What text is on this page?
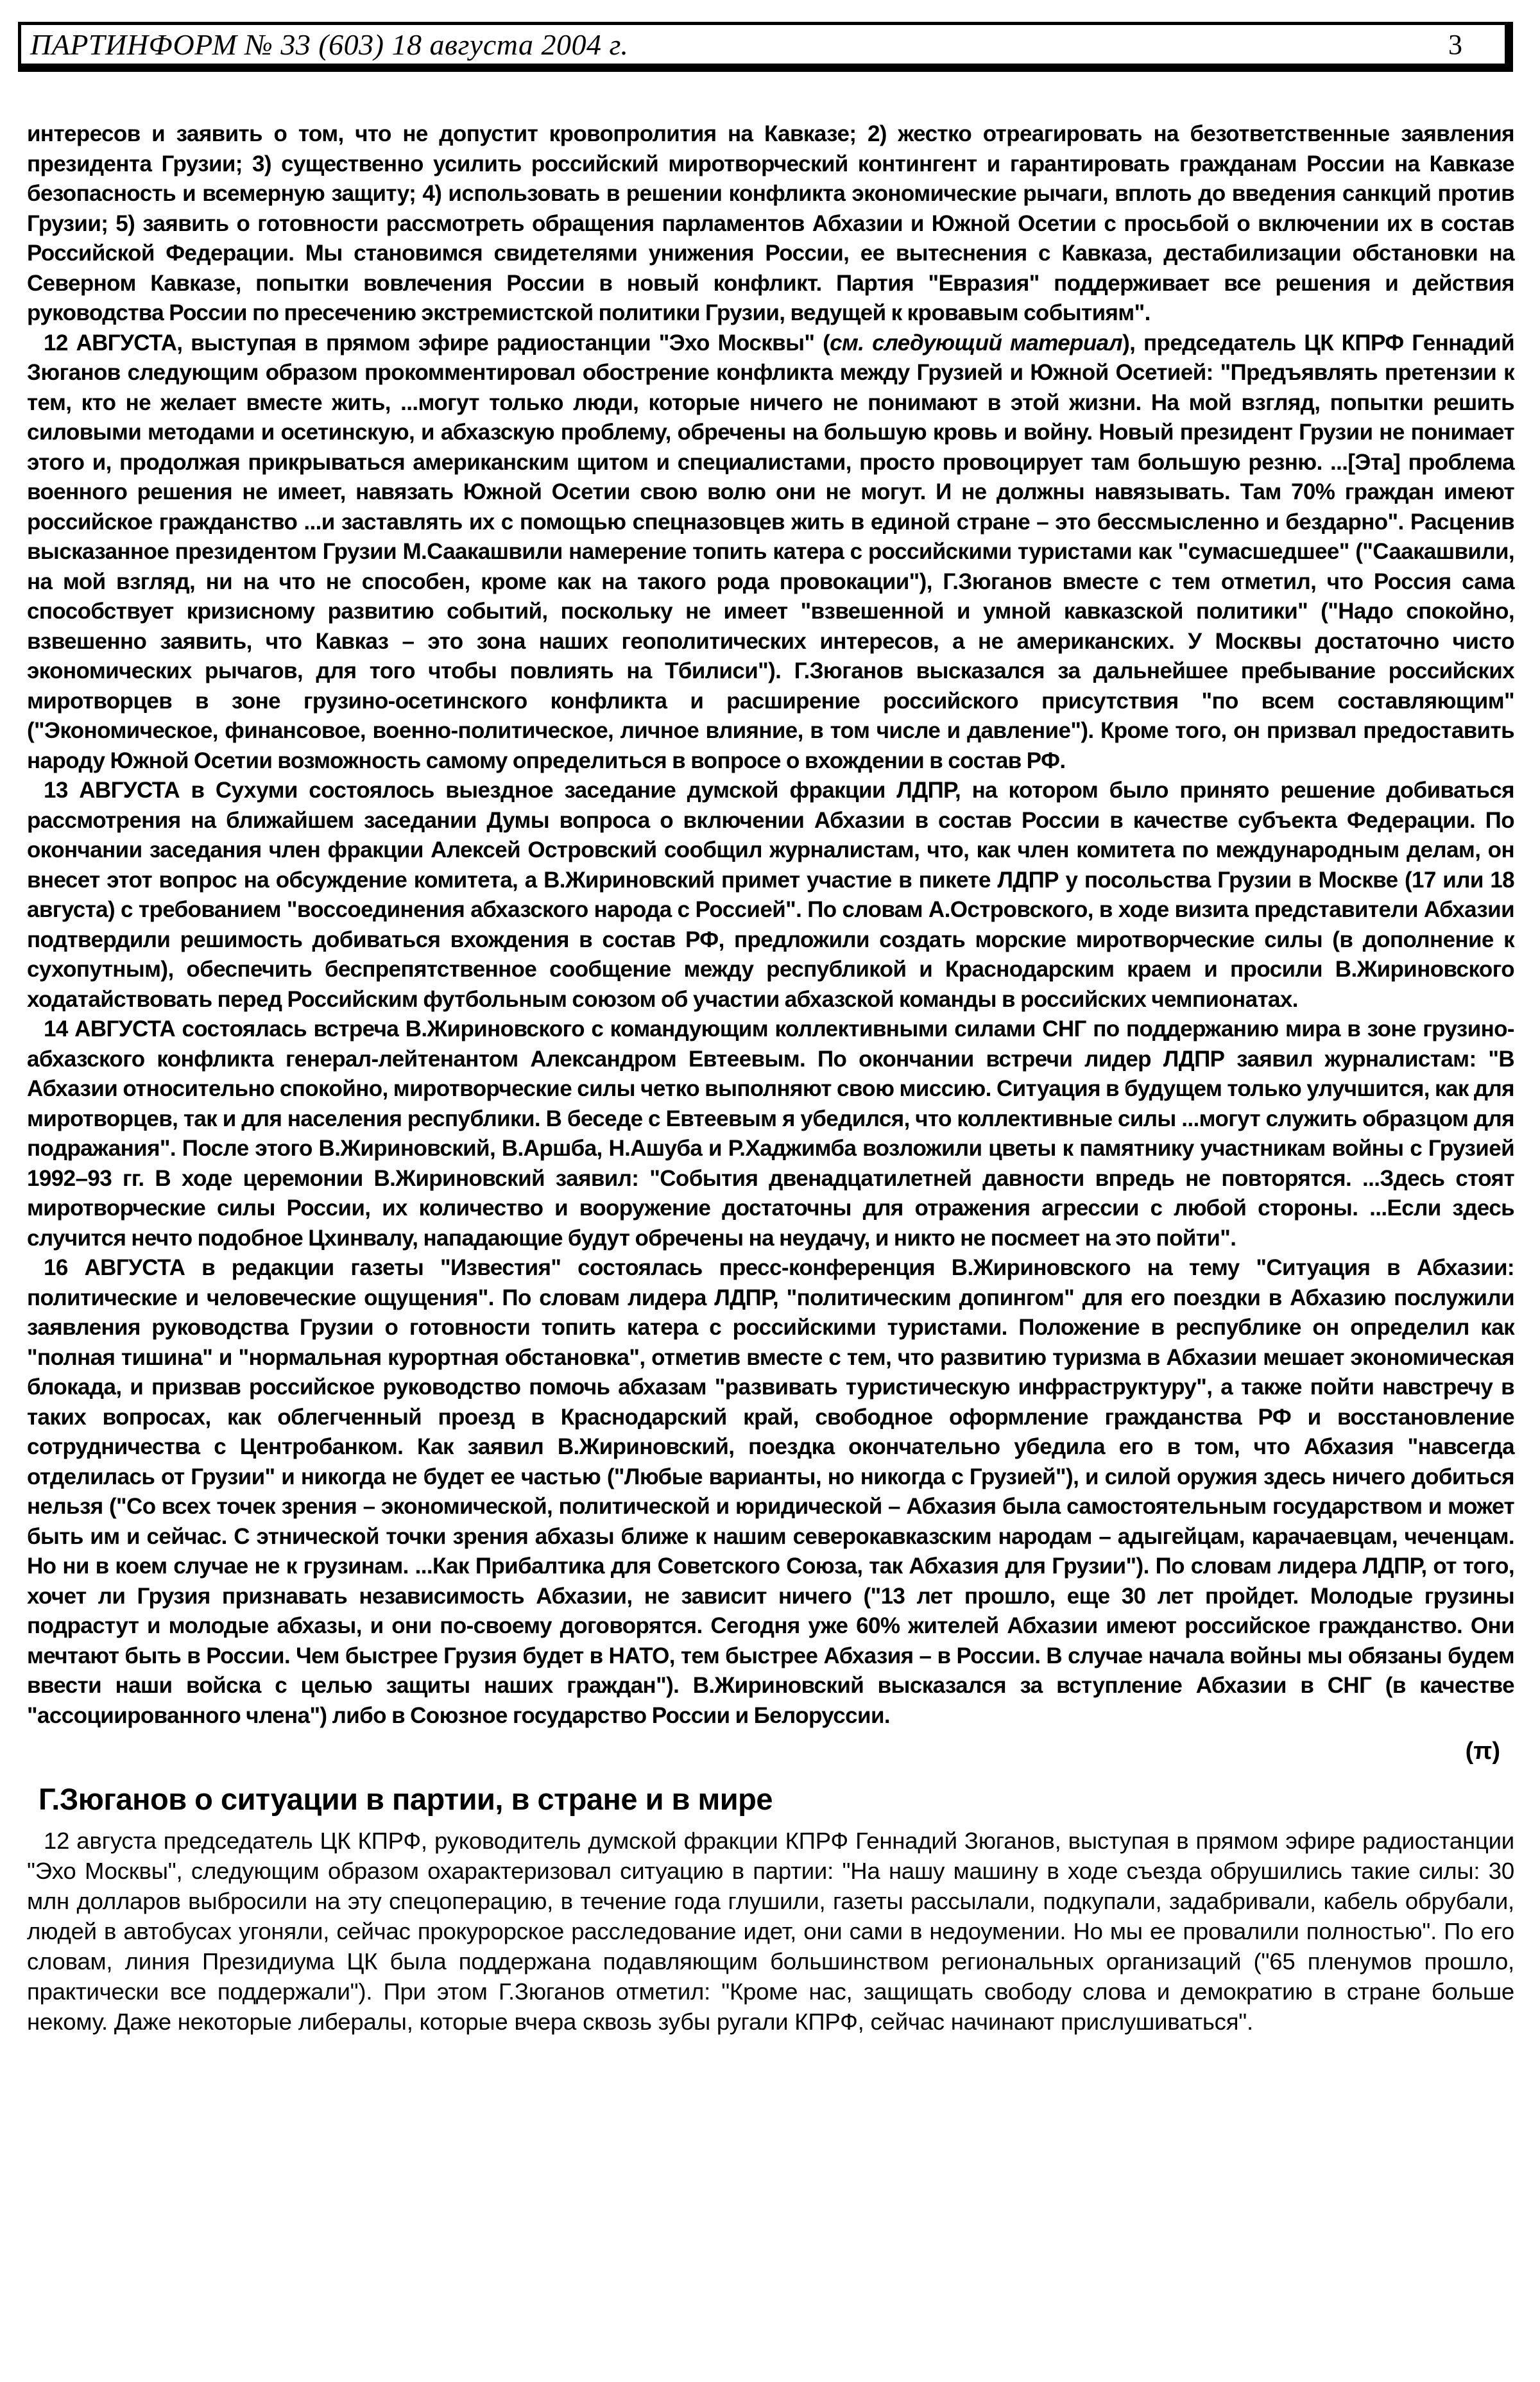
ПАРТИНФОРМ № 33 (603) 18 августа 2004 г.	3

интересов и заявить о том, что не допустит кровопролития на Кавказе; 2) жестко отреагировать на безответственные заявления президента Грузии; 3) существенно усилить российский миротворческий контингент и гарантировать гражданам России на Кавказе безопасность и всемерную защиту; 4) использовать в решении конфликта экономические рычаги, вплоть до введения санкций против Грузии; 5) заявить о готовности рассмотреть обращения парламентов Абхазии и Южной Осетии с просьбой о включении их в состав Российской Федерации. Мы становимся свидетелями унижения России, ее вытеснения с Кавказа, дестабилизации обстановки на Северном Кавказе, попытки вовлечения России в новый конфликт. Партия "Евразия" поддерживает все решения и действия руководства России по пресечению экстремистской политики Грузии, ведущей к кровавым событиям".

12 АВГУСТА, выступая в прямом эфире радиостанции "Эхо Москвы" (см. следующий материал), председатель ЦК КПРФ Геннадий Зюганов следующим образом прокомментировал обострение конфликта между Грузией и Южной Осетией: "Предъявлять претензии к тем, кто не желает вместе жить, ...могут только люди, которые ничего не понимают в этой жизни. На мой взгляд, попытки решить силовыми методами и осетинскую, и абхазскую проблему, обречены на большую кровь и войну. Новый президент Грузии не понимает этого и, продолжая прикрываться американским щитом и специалистами, просто провоцирует там большую резню. ...[Эта] проблема военного решения не имеет, навязать Южной Осетии свою волю они не могут. И не должны навязывать. Там 70% граждан имеют российское гражданство ...и заставлять их с помощью спецназовцев жить в единой стране – это бессмысленно и бездарно". Расценив высказанное президентом Грузии М.Саакашвили намерение топить катера с российскими туристами как "сумасшедшее" ("Саакашвили, на мой взгляд, ни на что не способен, кроме как на такого рода провокации"), Г.Зюганов вместе с тем отметил, что Россия сама способствует кризисному развитию событий, поскольку не имеет "взвешенной и умной кавказской политики" ("Надо спокойно, взвешенно заявить, что Кавказ – это зона наших геополитических интересов, а не американских. У Москвы достаточно чисто экономических рычагов, для того чтобы повлиять на Тбилиси"). Г.Зюганов высказался за дальнейшее пребывание российских миротворцев в зоне грузино-осетинского конфликта и расширение российского присутствия "по всем составляющим" ("Экономическое, финансовое, военно-политическое, личное влияние, в том числе и давление"). Кроме того, он призвал предоставить народу Южной Осетии возможность самому определиться в вопросе о вхождении в состав РФ.

13 АВГУСТА в Сухуми состоялось выездное заседание думской фракции ЛДПР, на котором было принято решение добиваться рассмотрения на ближайшем заседании Думы вопроса о включении Абхазии в состав России в качестве субъекта Федерации. По окончании заседания член фракции Алексей Островский сообщил журналистам, что, как член комитета по международным делам, он внесет этот вопрос на обсуждение комитета, а В.Жириновский примет участие в пикете ЛДПР у посольства Грузии в Москве (17 или 18 августа) с требованием "воссоединения абхазского народа с Россией". По словам А.Островского, в ходе визита представители Абхазии подтвердили решимость добиваться вхождения в состав РФ, предложили создать морские миротворческие силы (в дополнение к сухопутным), обеспечить беспрепятственное сообщение между республикой и Краснодарским краем и просили В.Жириновского ходатайствовать перед Российским футбольным союзом об участии абхазской команды в российских чемпионатах.

14 АВГУСТА состоялась встреча В.Жириновского с командующим коллективными силами СНГ по поддержанию мира в зоне грузино-абхазского конфликта генерал-лейтенантом Александром Евтеевым. По окончании встречи лидер ЛДПР заявил журналистам: "В Абхазии относительно спокойно, миротворческие силы четко выполняют свою миссию. Ситуация в будущем только улучшится, как для миротворцев, так и для населения республики. В беседе с Евтеевым я убедился, что коллективные силы ...могут служить образцом для подражания". После этого В.Жириновский, В.Аршба, Н.Ашуба и Р.Хаджимба возложили цветы к памятнику участникам войны с Грузией 1992–93 гг. В ходе церемонии В.Жириновский заявил: "События двенадцатилетней давности впредь не повторятся. ...Здесь стоят миротворческие силы России, их количество и вооружение достаточны для отражения агрессии с любой стороны. ...Если здесь случится нечто подобное Цхинвалу, нападающие будут обречены на неудачу, и никто не посмеет на это пойти".

16 АВГУСТА в редакции газеты "Известия" состоялась пресс-конференция В.Жириновского на тему "Ситуация в Абхазии: политические и человеческие ощущения". По словам лидера ЛДПР, "политическим допингом" для его поездки в Абхазию послужили заявления руководства Грузии о готовности топить катера с российскими туристами. Положение в республике он определил как "полная тишина" и "нормальная курортная обстановка", отметив вместе с тем, что развитию туризма в Абхазии мешает экономическая блокада, и призвав российское руководство помочь абхазам "развивать туристическую инфраструктуру", а также пойти навстречу в таких вопросах, как облегченный проезд в Краснодарский край, свободное оформление гражданства РФ и восстановление сотрудничества с Центробанком. Как заявил В.Жириновский, поездка окончательно убедила его в том, что Абхазия "навсегда отделилась от Грузии" и никогда не будет ее частью ("Любые варианты, но никогда с Грузией"), и силой оружия здесь ничего добиться нельзя ("Со всех точек зрения – экономической, политической и юридической – Абхазия была самостоятельным государством и может быть им и сейчас. С этнической точки зрения абхазы ближе к нашим северокавказским народам – адыгейцам, карачаевцам, чеченцам. Но ни в коем случае не к грузинам. ...Как Прибалтика для Советского Союза, так Абхазия для Грузии"). По словам лидера ЛДПР, от того, хочет ли Грузия признавать независимость Абхазии, не зависит ничего ("13 лет прошло, еще 30 лет пройдет. Молодые грузины подрастут и молодые абхазы, и они по-своему договорятся. Сегодня уже 60% жителей Абхазии имеют российское гражданство. Они мечтают быть в России. Чем быстрее Грузия будет в НАТО, тем быстрее Абхазия – в России. В случае начала войны мы обязаны будем ввести наши войска с целью защиты наших граждан"). В.Жириновский высказался за вступление Абхазии в СНГ (в качестве "ассоциированного члена") либо в Союзное государство России и Белоруссии.

(π)

Г.Зюганов о ситуации в партии, в стране и в мире

12 августа председатель ЦК КПРФ, руководитель думской фракции КПРФ Геннадий Зюганов, выступая в прямом эфире радиостанции "Эхо Москвы", следующим образом охарактеризовал ситуацию в партии: "На нашу машину в ходе съезда обрушились такие силы: 30 млн долларов выбросили на эту спецоперацию, в течение года глушили, газеты рассылали, подкупали, задабривали, кабель обрубали, людей в автобусах угоняли, сейчас прокурорское расследование идет, они сами в недоумении. Но мы ее провалили полностью". По его словам, линия Президиума ЦК была поддержана подавляющим большинством региональных организаций ("65 пленумов прошло, практически все поддержали"). При этом Г.Зюганов отметил: "Кроме нас, защищать свободу слова и демократию в стране больше некому. Даже некоторые либералы, которые вчера сквозь зубы ругали КПРФ, сейчас начинают прислушиваться".
